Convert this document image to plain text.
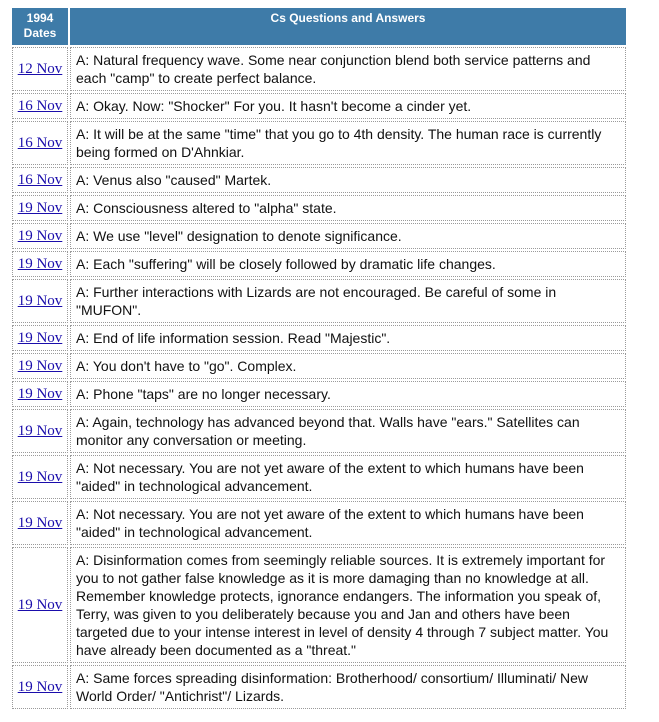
1994
Dates	Cs Questions and Answers
12 Nov	A: Natural frequency wave. Some near conjunction blend both service patterns and each "camp" to create perfect balance.
16 Nov	A: Okay. Now: "Shocker" For you. It hasn't become a cinder yet.
16 Nov	A: It will be at the same "time" that you go to 4th density. The human race is currently being formed on D'Ahnkiar.
16 Nov	A: Venus also "caused" Martek.
19 Nov	A: Consciousness altered to "alpha" state.
19 Nov	A: We use "level" designation to denote significance.
19 Nov	A: Each "suffering" will be closely followed by dramatic life changes.
19 Nov	A: Further interactions with Lizards are not encouraged. Be careful of some in "MUFON".
19 Nov	A: End of life information session. Read "Majestic".
19 Nov	A: You don't have to "go". Complex.
19 Nov	A: Phone "taps" are no longer necessary.
19 Nov	A: Again, technology has advanced beyond that. Walls have "ears." Satellites can monitor any conversation or meeting.
19 Nov	A: Not necessary. You are not yet aware of the extent to which humans have been "aided" in technological advancement.
19 Nov	A: Not necessary. You are not yet aware of the extent to which humans have been "aided" in technological advancement.
19 Nov	A: Disinformation comes from seemingly reliable sources. It is extremely important for you to not gather false knowledge as it is more damaging than no knowledge at all. Remember knowledge protects, ignorance endangers. The information you speak of, Terry, was given to you deliberately because you and Jan and others have been targeted due to your intense interest in level of density 4 through 7 subject matter. You have already been documented as a "threat."
19 Nov	A: Same forces spreading disinformation: Brotherhood/ consortium/ Illuminati/ New World Order/ "Antichrist"/ Lizards.
